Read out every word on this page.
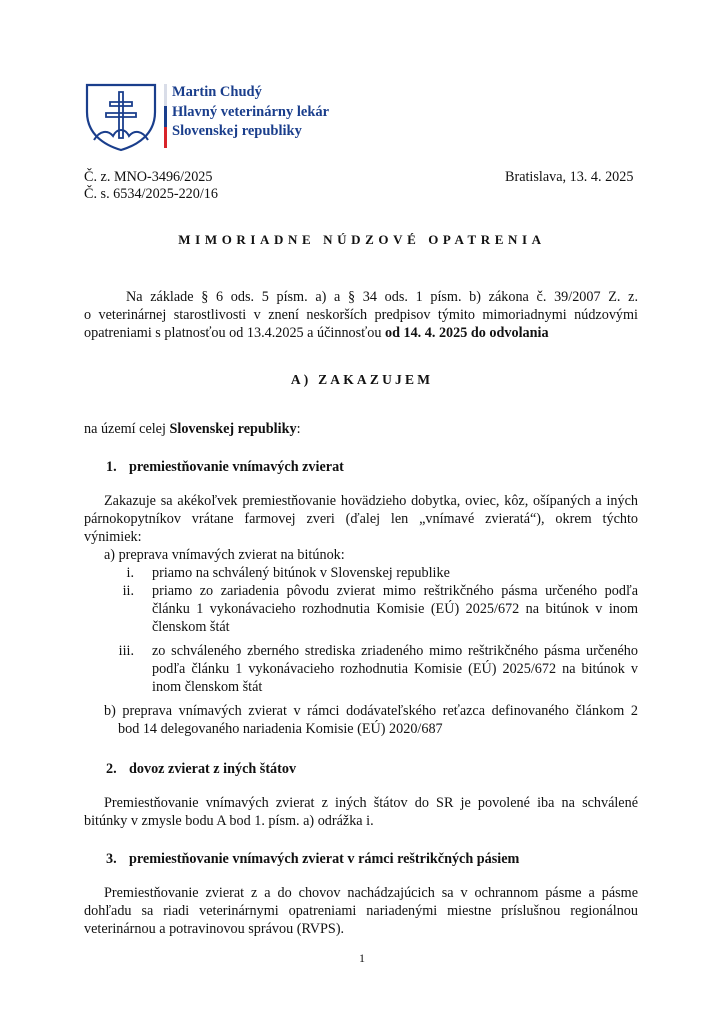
Martin Chudý
Hlavný veterinárny lekár
Slovenskej republiky
Č. z. MNO-3496/2025
Č. s. 6534/2025-220/16
Bratislava, 13. 4. 2025
MIMORIADNE NÚDZOVÉ OPATRENIA
Na základe § 6 ods. 5 písm. a) a § 34 ods. 1 písm. b) zákona č. 39/2007 Z. z.
o veterinárnej starostlivosti v znení neskorších predpisov týmito mimoriadnymi núdzovými
opatreniami s platnosťou od 13.4.2025 a účinnosťou od 14. 4. 2025 do odvolania
A) ZAKAZUJEM
na území celej Slovenskej republiky:
1. premiestňovanie vnímavých zvierat
Zakazuje sa akékoľvek premiestňovanie hovädzieho dobytka, oviec, kôz, ošípaných a iných
párnokopytníkov vrátane farmovej zveri (ďalej len „vnímavé zvieratá“), okrem týchto
výnimiek:
a) preprava vnímavých zvierat na bitúnok:
i. priamo na schválený bitúnok v Slovenskej republike
ii. priamo zo zariadenia pôvodu zvierat mimo reštrikčného pásma určeného podľa
článku 1 vykonávacieho rozhodnutia Komisie (EÚ) 2025/672 na bitúnok v inom
členskom štát
iii. zo schváleného zberného strediska zriadeného mimo reštrikčného pásma určeného
podľa článku 1 vykonávacieho rozhodnutia Komisie (EÚ) 2025/672 na bitúnok v
inom členskom štát
b) preprava vnímavých zvierat v rámci dodávateľského reťazca definovaného článkom 2
bod 14 delegovaného nariadenia Komisie (EÚ) 2020/687
2. dovoz zvierat z iných štátov
Premiestňovanie vnímavých zvierat z iných štátov do SR je povolené iba na schválené
bitúnky v zmysle bodu A bod 1. písm. a) odrážka i.
3. premiestňovanie vnímavých zvierat v rámci reštrikčných pásiem
Premiestňovanie zvierat z a do chovov nachádzajúcich sa v ochrannom pásme a pásme
dohľadu sa riadi veterinárnymi opatreniami nariadenými miestne príslušnou regionálnou
veterinárnou a potravinovou správou (RVPS).
1
